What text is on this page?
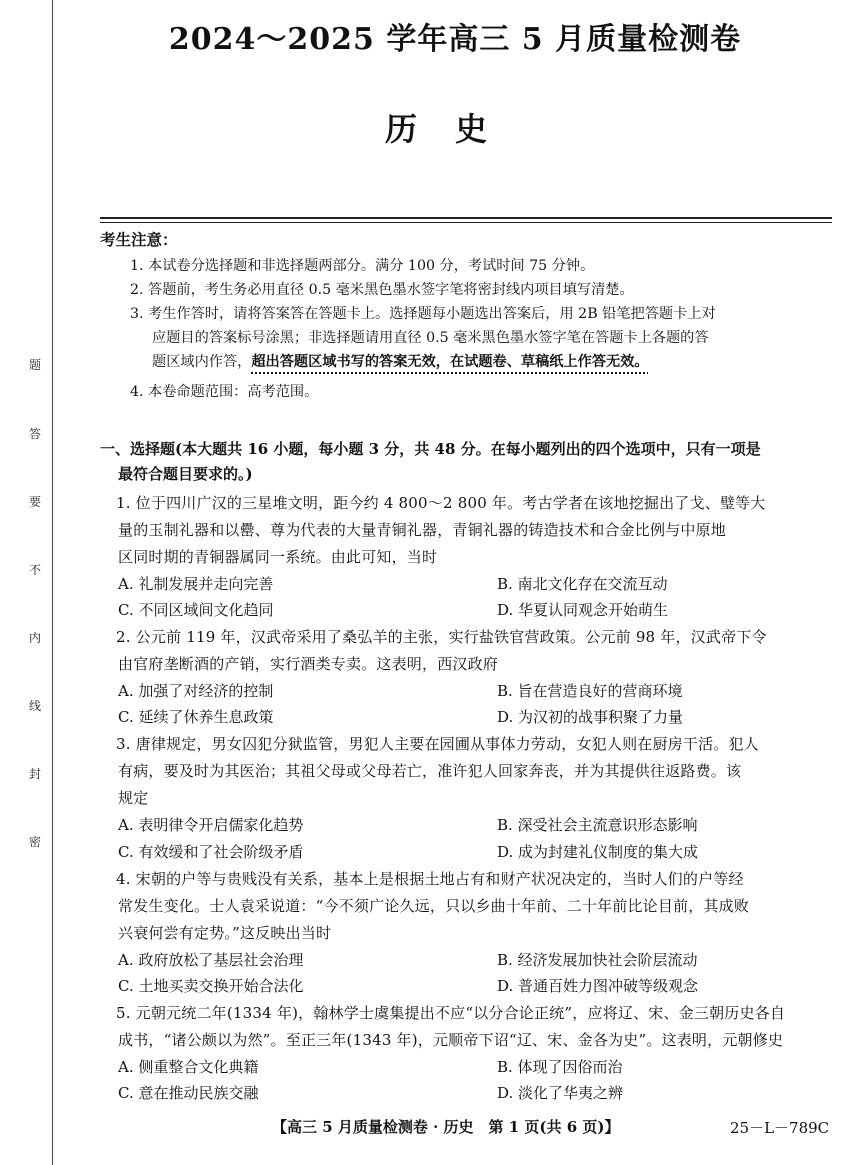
题
答
要
不
内
线
封
密
2024～2025 学年高三 5 月质量检测卷
历史
考生注意：
1. 本试卷分选择题和非选择题两部分。满分 100 分，考试时间 75 分钟。
2. 答题前，考生务必用直径 0.5 毫米黑色墨水签字笔将密封线内项目填写清楚。
3. 考生作答时，请将答案答在答题卡上。选择题每小题选出答案后，用 2B 铅笔把答题卡上对
应题目的答案标号涂黑；非选择题请用直径 0.5 毫米黑色墨水签字笔在答题卡上各题的答
题区域内作答，超出答题区域书写的答案无效，在试题卷、草稿纸上作答无效。
4. 本卷命题范围：高考范围。
一、选择题(本大题共 16 小题，每小题 3 分，共 48 分。在每小题列出的四个选项中，只有一项是
最符合题目要求的。)
1. 位于四川广汉的三星堆文明，距今约 4 800～2 800 年。考古学者在该地挖掘出了戈、璧等大
量的玉制礼器和以罍、尊为代表的大量青铜礼器，青铜礼器的铸造技术和合金比例与中原地
区同时期的青铜器属同一系统。由此可知，当时
A. 礼制发展并走向完善	B. 南北文化存在交流互动
C. 不同区域间文化趋同	D. 华夏认同观念开始萌生
2. 公元前 119 年，汉武帝采用了桑弘羊的主张，实行盐铁官营政策。公元前 98 年，汉武帝下令
由官府垄断酒的产销，实行酒类专卖。这表明，西汉政府
A. 加强了对经济的控制	B. 旨在营造良好的营商环境
C. 延续了休养生息政策	D. 为汉初的战事积聚了力量
3. 唐律规定，男女囚犯分狱监管，男犯人主要在园圃从事体力劳动，女犯人则在厨房干活。犯人
有病，要及时为其医治；其祖父母或父母若亡，准许犯人回家奔丧，并为其提供往返路费。该
规定
A. 表明律令开启儒家化趋势	B. 深受社会主流意识形态影响
C. 有效缓和了社会阶级矛盾	D. 成为封建礼仪制度的集大成
4. 宋朝的户等与贵贱没有关系，基本上是根据土地占有和财产状况决定的，当时人们的户等经
常发生变化。士人袁采说道：“今不须广论久远，只以乡曲十年前、二十年前比论目前，其成败
兴衰何尝有定势。”这反映出当时
A. 政府放松了基层社会治理	B. 经济发展加快社会阶层流动
C. 土地买卖交换开始合法化	D. 普通百姓力图冲破等级观念
5. 元朝元统二年(1334 年)，翰林学士虞集提出不应“以分合论正统”，应将辽、宋、金三朝历史各自
成书，“诸公颇以为然”。至正三年(1343 年)，元顺帝下诏“辽、宋、金各为史”。这表明，元朝修史
A. 侧重整合文化典籍	B. 体现了因俗而治
C. 意在推动民族交融	D. 淡化了华夷之辨
【高三 5 月质量检测卷 · 历史　第 1 页(共 6 页)】	25－L－789C
